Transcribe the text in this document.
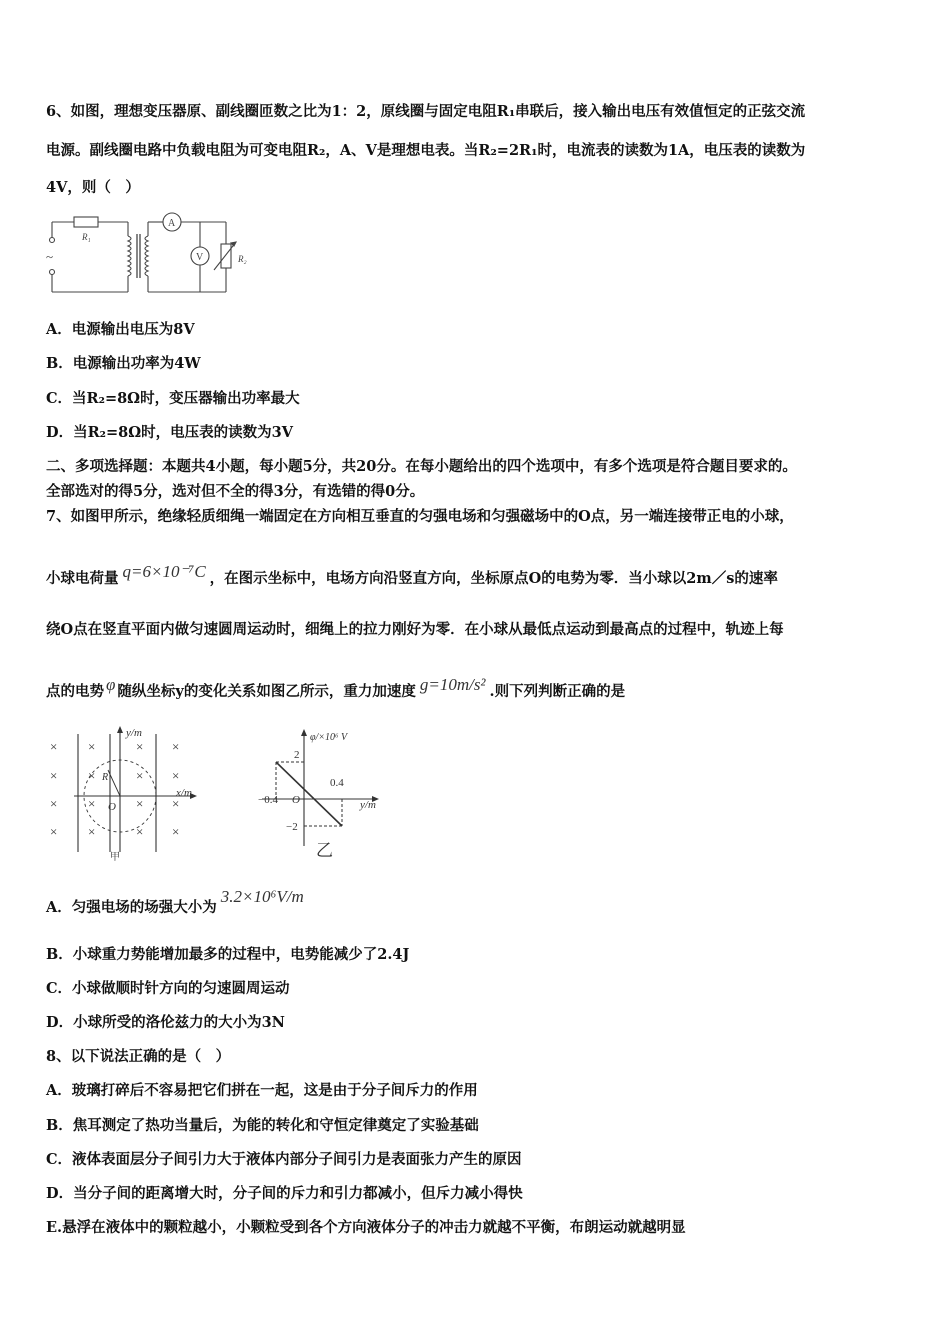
6、如图，理想变压器原、副线圈匝数之比为1：2，原线圈与固定电阻R₁串联后，接入输出电压有效值恒定的正弦交流
电源。副线圈电路中负载电阻为可变电阻R₂，A、V是理想电表。当R₂=2R₁时，电流表的读数为1A，电压表的读数为
4V，则（　）
~
R₁
A
V	R₂
A．电源输出电压为8V
B．电源输出功率为4W
C．当R₂=8Ω时，变压器输出功率最大
D．当R₂=8Ω时，电压表的读数为3V
二、多项选择题：本题共4小题，每小题5分，共20分。在每小题给出的四个选项中，有多个选项是符合题目要求的。
全部选对的得5分，选对但不全的得3分，有选错的得0分。
7、如图甲所示，绝缘轻质细绳一端固定在方向相互垂直的匀强电场和匀强磁场中的O点，另一端连接带正电的小球，
小球电荷量 q=6×10⁻⁷C ，在图示坐标中，电场方向沿竖直方向，坐标原点O的电势为零．当小球以2m／s的速率
绕O点在竖直平面内做匀速圆周运动时，细绳上的拉力刚好为零．在小球从最低点运动到最高点的过程中，轨迹上每
点的电势 φ 随纵坐标y的变化关系如图乙所示，重力加速度 g=10m/s² .则下列判断正确的是
×
×
×
×
×
×
×
×
×
×
×
×
×
×
×
×
y/m
x/m
O
R
甲
φ/×10⁶ V
2
0.4
−0.4 O	y/m
−2
乙
A．匀强电场的场强大小为3.2×10⁶V/m
B．小球重力势能增加最多的过程中，电势能减少了2.4J
C．小球做顺时针方向的匀速圆周运动
D．小球所受的洛伦兹力的大小为3N
8、以下说法正确的是（　）
A．玻璃打碎后不容易把它们拼在一起，这是由于分子间斥力的作用
B．焦耳测定了热功当量后，为能的转化和守恒定律奠定了实验基础
C．液体表面层分子间引力大于液体内部分子间引力是表面张力产生的原因
D．当分子间的距离增大时，分子间的斥力和引力都减小，但斥力减小得快
E.悬浮在液体中的颗粒越小，小颗粒受到各个方向液体分子的冲击力就越不平衡，布朗运动就越明显
